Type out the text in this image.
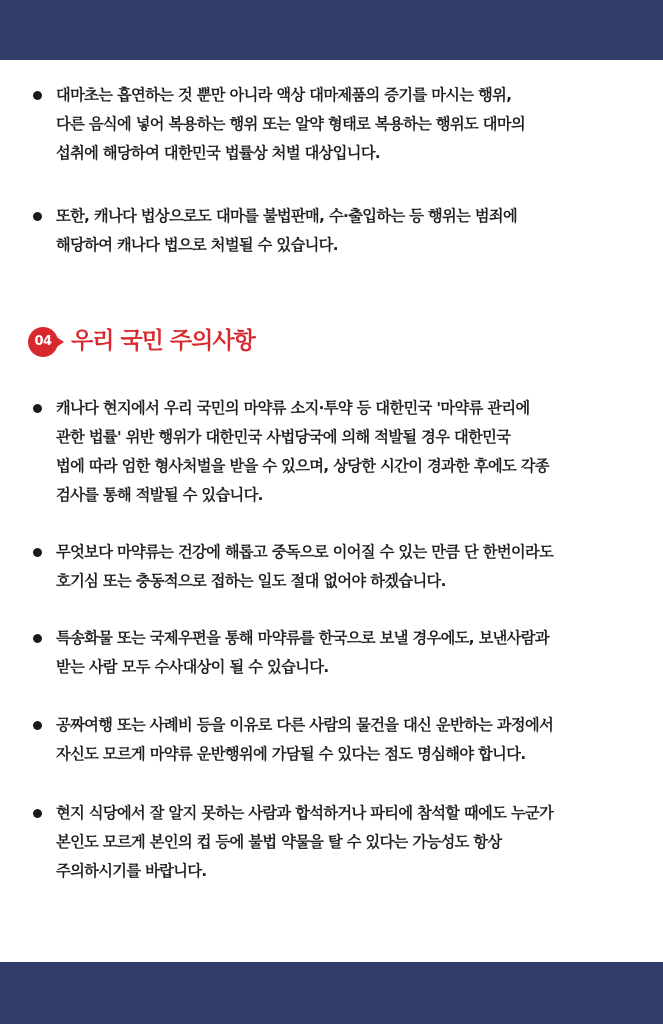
대마초는 흡연하는 것 뿐만 아니라 액상 대마제품의 증기를 마시는 행위,
다른 음식에 넣어 복용하는 행위 또는 알약 형태로 복용하는 행위도 대마의
섭취에 해당하여 대한민국 법률상 처벌 대상입니다.
또한, 캐나다 법상으로도 대마를 불법판매, 수·출입하는 등 행위는 범죄에
해당하여 캐나다 법으로 처벌될 수 있습니다.
04 우리 국민 주의사항
캐나다 현지에서 우리 국민의 마약류 소지·투약 등 대한민국 '마약류 관리에
관한 법률' 위반 행위가 대한민국 사법당국에 의해 적발될 경우 대한민국
법에 따라 엄한 형사처벌을 받을 수 있으며, 상당한 시간이 경과한 후에도 각종
검사를 통해 적발될 수 있습니다.
무엇보다 마약류는 건강에 해롭고 중독으로 이어질 수 있는 만큼 단 한번이라도
호기심 또는 충동적으로 접하는 일도 절대 없어야 하겠습니다.
특송화물 또는 국제우편을 통해 마약류를 한국으로 보낼 경우에도, 보낸사람과
받는 사람 모두 수사대상이 될 수 있습니다.
공짜여행 또는 사례비 등을 이유로 다른 사람의 물건을 대신 운반하는 과정에서
자신도 모르게 마약류 운반행위에 가담될 수 있다는 점도 명심해야 합니다.
현지 식당에서 잘 알지 못하는 사람과 합석하거나 파티에 참석할 때에도 누군가
본인도 모르게 본인의 컵 등에 불법 약물을 탈 수 있다는 가능성도 항상
주의하시기를 바랍니다.
